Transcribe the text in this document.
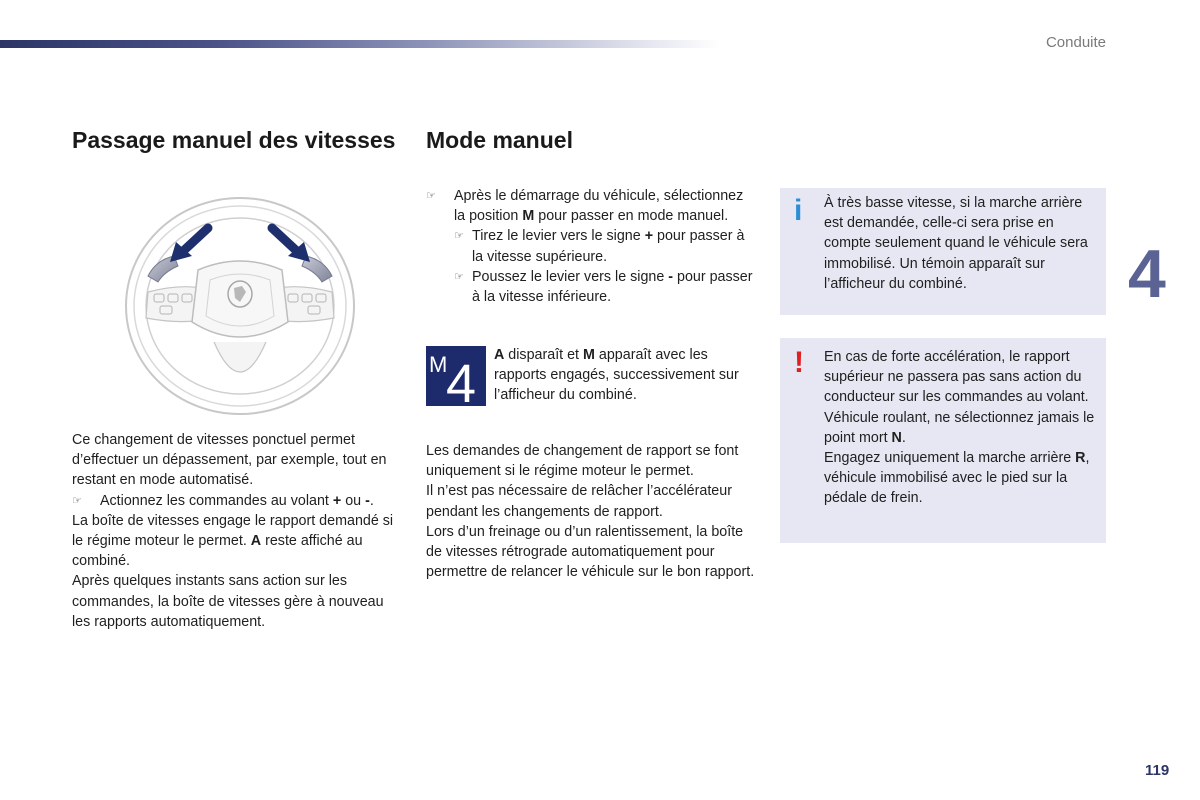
Conduite
4
119
Passage manuel des vitesses
Ce changement de vitesses ponctuel permet d’effectuer un dépassement, par exemple, tout en restant en mode automatisé.

☞ Actionnez les commandes au volant + ou -.
La boîte de vitesses engage le rapport demandé si le régime moteur le permet. A reste affiché au combiné.
Après quelques instants sans action sur les commandes, la boîte de vitesses gère à nouveau les rapports automatiquement.
Mode manuel
☞ Après le démarrage du véhicule, sélectionnez la position M pour passer en mode manuel.
☞ Tirez le levier vers le signe + pour passer à la vitesse supérieure.
☞ Poussez le levier vers le signe - pour passer à la vitesse inférieure.
M
4 A disparaît et M apparaît avec les rapports engagés, successivement sur l’afficheur du combiné.
Les demandes de changement de rapport se font uniquement si le régime moteur le permet.
Il n’est pas nécessaire de relâcher l’accélérateur pendant les changements de rapport.
Lors d’un freinage ou d’un ralentissement, la boîte de vitesses rétrograde automatiquement pour permettre de relancer le véhicule sur le bon rapport.
i À très basse vitesse, si la marche arrière est demandée, celle-ci sera prise en compte seulement quand le véhicule sera immobilisé. Un témoin apparaît sur l’afficheur du combiné.
! En cas de forte accélération, le rapport supérieur ne passera pas sans action du conducteur sur les commandes au volant.
Véhicule roulant, ne sélectionnez jamais le point mort N.
Engagez uniquement la marche arrière R, véhicule immobilisé avec le pied sur la pédale de frein.
